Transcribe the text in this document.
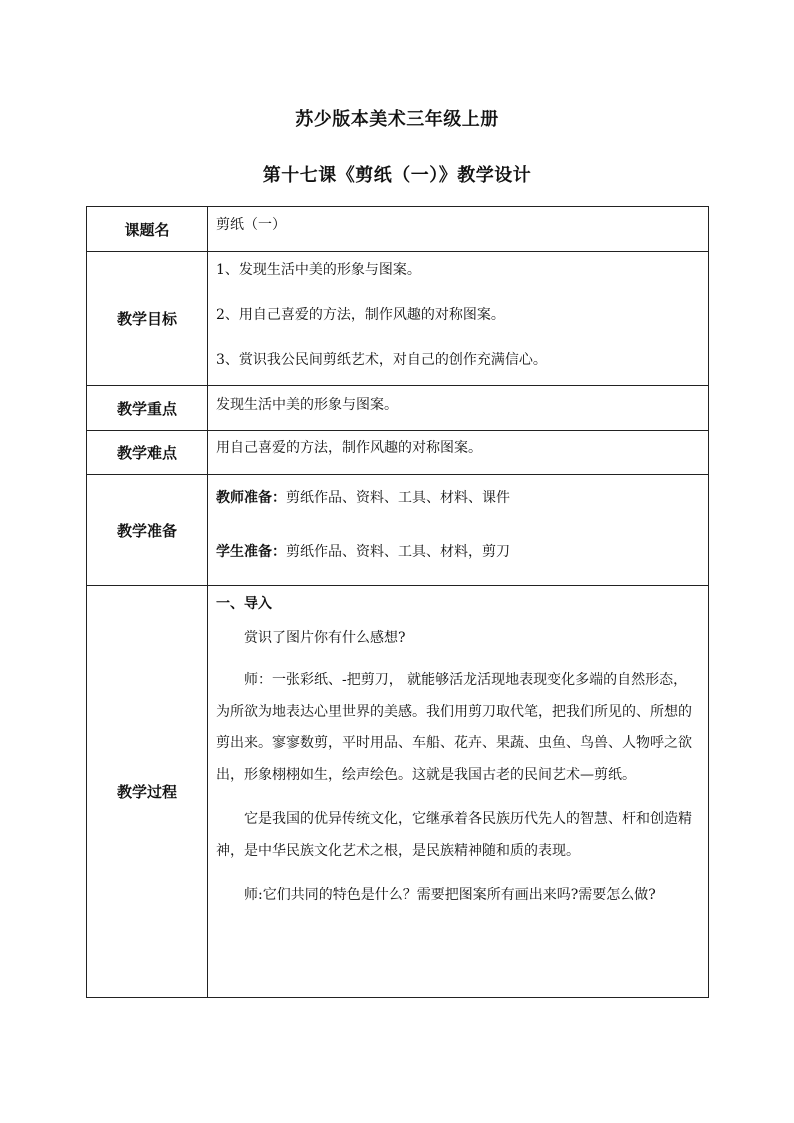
苏少版本美术三年级上册
第十七课《剪纸（一）》教学设计
课题名	剪纸（一）

教学目标	1、发现生活中美的形象与图案。
2、用自己喜爱的方法，制作风趣的对称图案。
3、赏识我公民间剪纸艺术，对自己的创作充满信心。

教学重点	发现生活中美的形象与图案。

教学难点	用自己喜爱的方法，制作风趣的对称图案。

教学准备	教师准备：剪纸作品、资料、工具、材料、课件
学生准备：剪纸作品、资料、工具、材料，剪刀

教学过程	一、导入

赏识了图片你有什么感想?

师：一张彩纸、-把剪刀， 就能够活龙活现地表现变化多端的自然形态，为所欲为地表达心里世界的美感。我们用剪刀取代笔，把我们所见的、所想的剪出来。寥寥数剪，平时用品、车船、花卉、果蔬、虫鱼、鸟兽、人物呼之欲出，形象栩栩如生，绘声绘色。这就是我国古老的民间艺术—剪纸。

它是我国的优异传统文化，它继承着各民族历代先人的智慧、杆和创造精神，是中华民族文化艺术之根，是民族精神随和质的表现。

师:它们共同的特色是什么？需要把图案所有画出来吗?需要怎么做?
